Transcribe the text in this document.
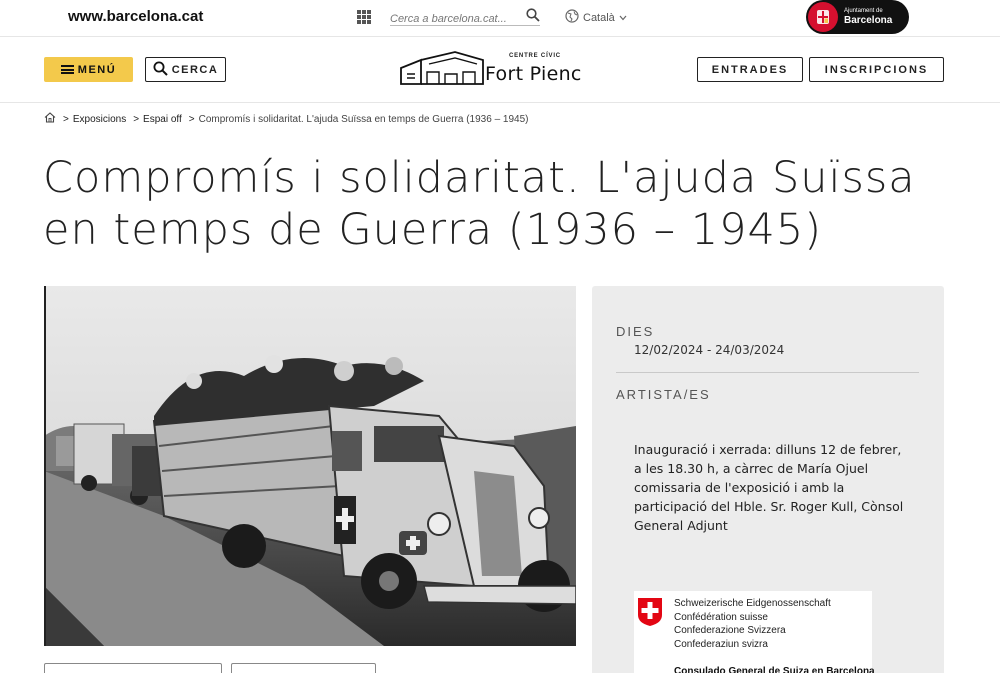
www.barcelona.cat
Cerca a barcelona.cat...	Català
Ajuntament de
Barcelona
MENÚ	CERCA
CENTRE CÍVIC
Fort Pienc	ENTRADES	INSCRIPCIONS
> Exposicions > Espai off > Compromís i solidaritat. L'ajuda Suïssa en temps de Guerra (1936 – 1945)
Compromís i solidaritat. L'ajuda Suïssa en temps de Guerra (1936 – 1945)
DIES
12/02/2024 - 24/03/2024
ARTISTA/ES

Inauguració i xerrada: dilluns 12 de febrer, a les 18.30 h, a càrrec de María Ojuel comissaria de l'exposició i amb la participació del Hble. Sr. Roger Kull, Cònsol General Adjunt

Schweizerische Eidgenossenschaft
Confédération suisse
Confederazione Svizzera
Confederaziun svizra
Consulado General de Suiza en Barcelona
